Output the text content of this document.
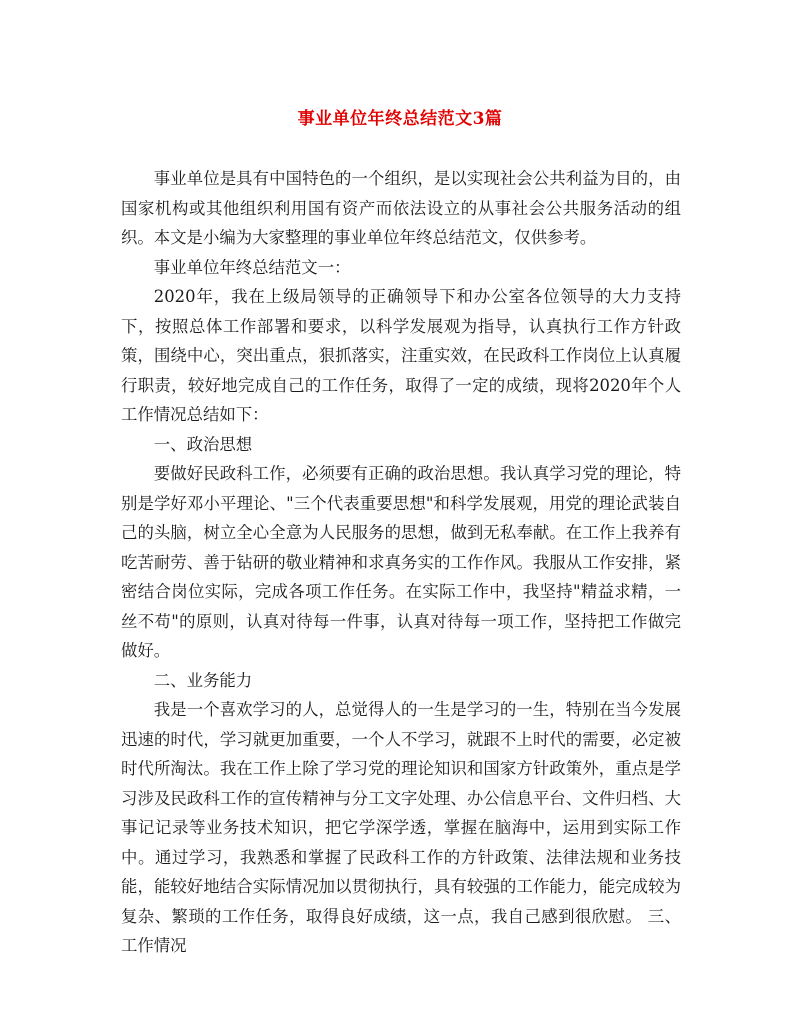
事业单位年终总结范文3篇

事业单位是具有中国特色的一个组织，是以实现社会公共利益为目的，由国家机构或其他组织利用国有资产而依法设立的从事社会公共服务活动的组织。本文是小编为大家整理的事业单位年终总结范文，仅供参考。

事业单位年终总结范文一：

2020年，我在上级局领导的正确领导下和办公室各位领导的大力支持下，按照总体工作部署和要求，以科学发展观为指导，认真执行工作方针政策，围绕中心，突出重点，狠抓落实，注重实效，在民政科工作岗位上认真履行职责，较好地完成自己的工作任务，取得了一定的成绩，现将2020年个人工作情况总结如下：

一、政治思想

要做好民政科工作，必须要有正确的政治思想。我认真学习党的理论，特别是学好邓小平理论、"三个代表重要思想"和科学发展观，用党的理论武装自己的头脑，树立全心全意为人民服务的思想，做到无私奉献。在工作上我养有吃苦耐劳、善于钻研的敬业精神和求真务实的工作作风。我服从工作安排，紧密结合岗位实际，完成各项工作任务。在实际工作中，我坚持"精益求精，一丝不苟"的原则，认真对待每一件事，认真对待每一项工作，坚持把工作做完做好。

二、业务能力

我是一个喜欢学习的人，总觉得人的一生是学习的一生，特别在当今发展迅速的时代，学习就更加重要，一个人不学习，就跟不上时代的需要，必定被时代所淘汰。我在工作上除了学习党的理论知识和国家方针政策外，重点是学习涉及民政科工作的宣传精神与分工文字处理、办公信息平台、文件归档、大事记记录等业务技术知识，把它学深学透，掌握在脑海中，运用到实际工作中。通过学习，我熟悉和掌握了民政科工作的方针政策、法律法规和业务技能，能较好地结合实际情况加以贯彻执行，具有较强的工作能力，能完成较为复杂、繁琐的工作任务，取得良好成绩，这一点，我自己感到很欣慰。 三、工作情况
